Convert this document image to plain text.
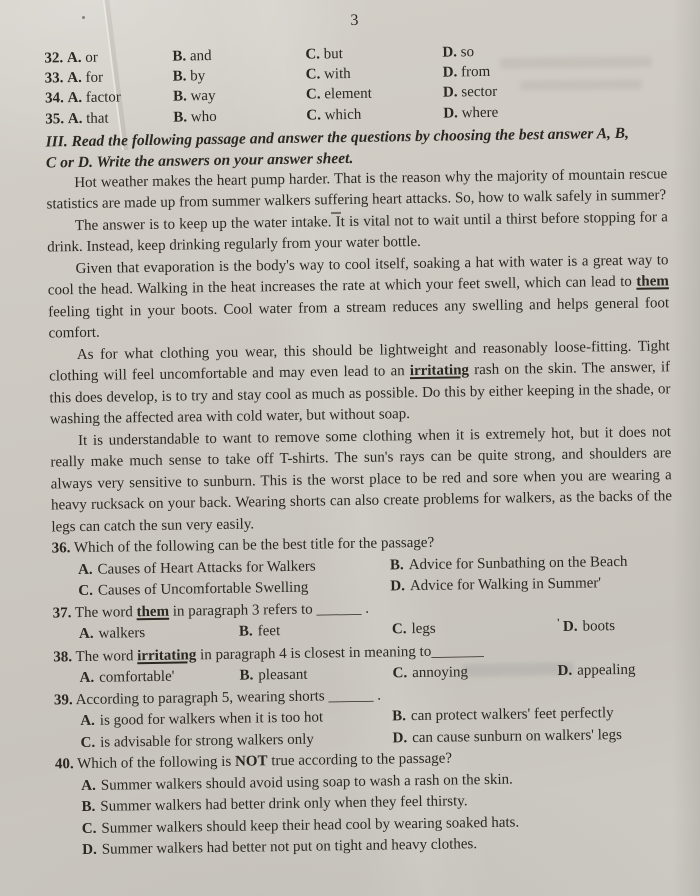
3
32. A. or	B. and	C. but	D. so
33. A. for	B. by	C. with	D. from
34. A. factor	B. way	C. element	D. sector
35. A. that	B. who	C. which	D. where
III. Read the following passage and answer the questions by choosing the best answer A, B,
C or D. Write the answers on your answer sheet.

Hot weather makes the heart pump harder. That is the reason why the majority of mountain rescue statistics are made up from summer walkers suffering heart attacks. So, how to walk safely in summer?

The answer is to keep up the water intake. It is vital not to wait until a thirst before stopping for a drink. Instead, keep drinking regularly from your water bottle.

Given that evaporation is the body's way to cool itself, soaking a hat with water is a great way to cool the head. Walking in the heat increases the rate at which your feet swell, which can lead to them feeling tight in your boots. Cool water from a stream reduces any swelling and helps general foot comfort.

As for what clothing you wear, this should be lightweight and reasonably loose-fitting. Tight clothing will feel uncomfortable and may even lead to an irritating rash on the skin. The answer, if this does develop, is to try and stay cool as much as possible. Do this by either keeping in the shade, or washing the affected area with cold water, but without soap.

It is understandable to want to remove some clothing when it is extremely hot, but it does not really make much sense to take off T-shirts. The sun's rays can be quite strong, and shoulders are always very sensitive to sunburn. This is the worst place to be red and sore when you are wearing a heavy rucksack on your back. Wearing shorts can also create problems for walkers, as the backs of the legs can catch the sun very easily.

36. Which of the following can be the best title for the passage?
A. Causes of Heart Attacks for Walkers	B. Advice for Sunbathing on the Beach
C. Causes of Uncomfortable Swelling	D. Advice for Walking in Summer'
37. The word them in paragraph 3 refers to ______ .
A. walkers	B. feet	C. legs	' D. boots
38. The word irritating in paragraph 4 is closest in meaning to_______
A. comfortable'	B. pleasant	C. annoying	D. appealing
39. According to paragraph 5, wearing shorts ______ .
A. is good for walkers when it is too hot	B. can protect walkers' feet perfectly
C. is advisable for strong walkers only	D. can cause sunburn on walkers' legs
40. Which of the following is NOT true according to the passage?
A. Summer walkers should avoid using soap to wash a rash on the skin.
B. Summer walkers had better drink only when they feel thirsty.
C. Summer walkers should keep their head cool by wearing soaked hats.
D. Summer walkers had better not put on tight and heavy clothes.
